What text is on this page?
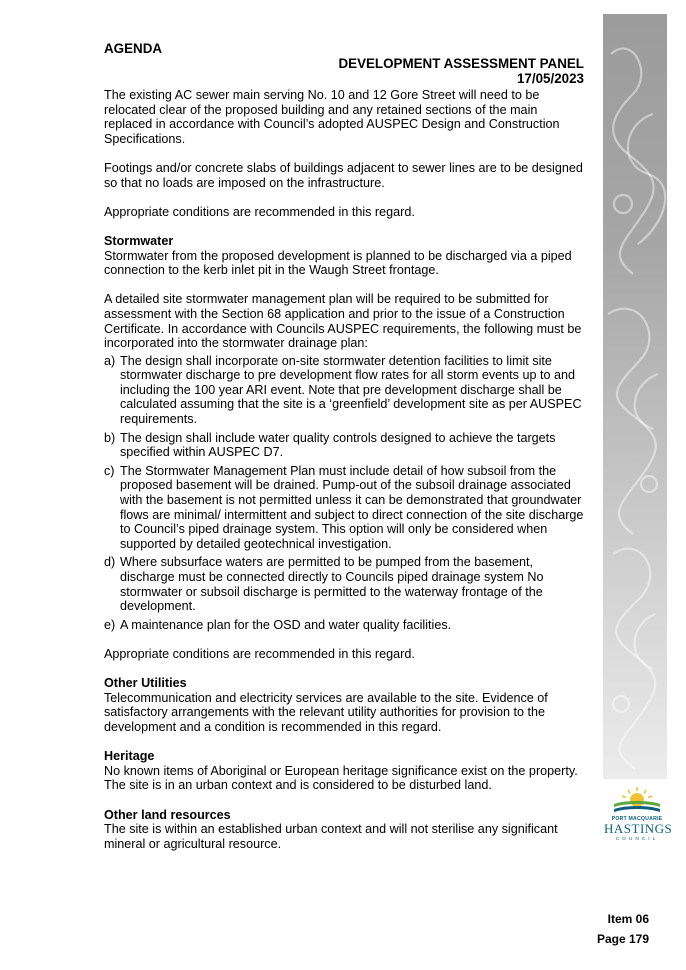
PORT MACQUARIE
HASTINGS
COUNCIL
AGENDA
DEVELOPMENT ASSESSMENT PANEL
17/05/2023

The existing AC sewer main serving No. 10 and 12 Gore Street will need to be relocated clear of the proposed building and any retained sections of the main replaced in accordance with Council’s adopted AUSPEC Design and Construction Specifications.

Footings and/or concrete slabs of buildings adjacent to sewer lines are to be designed so that no loads are imposed on the infrastructure.

Appropriate conditions are recommended in this regard.

Stormwater

Stormwater from the proposed development is planned to be discharged via a piped connection to the kerb inlet pit in the Waugh Street frontage.

A detailed site stormwater management plan will be required to be submitted for assessment with the Section 68 application and prior to the issue of a Construction Certificate. In accordance with Councils AUSPEC requirements, the following must be incorporated into the stormwater drainage plan:

a) The design shall incorporate on-site stormwater detention facilities to limit site stormwater discharge to pre development flow rates for all storm events up to and including the 100 year ARI event. Note that pre development discharge shall be calculated assuming that the site is a ‘greenfield’ development site as per AUSPEC requirements.
b) The design shall include water quality controls designed to achieve the targets specified within AUSPEC D7.
c) The Stormwater Management Plan must include detail of how subsoil from the proposed basement will be drained. Pump-out of the subsoil drainage associated with the basement is not permitted unless it can be demonstrated that groundwater flows are minimal/ intermittent and subject to direct connection of the site discharge to Council’s piped drainage system. This option will only be considered when supported by detailed geotechnical investigation.
d) Where subsurface waters are permitted to be pumped from the basement, discharge must be connected directly to Councils piped drainage system No stormwater or subsoil discharge is permitted to the waterway frontage of the development.
e) A maintenance plan for the OSD and water quality facilities.

Appropriate conditions are recommended in this regard.

Other Utilities

Telecommunication and electricity services are available to the site. Evidence of satisfactory arrangements with the relevant utility authorities for provision to the development and a condition is recommended in this regard.

Heritage

No known items of Aboriginal or European heritage significance exist on the property. The site is in an urban context and is considered to be disturbed land.

Other land resources

The site is within an established urban context and will not sterilise any significant mineral or agricultural resource.

Item 06
Page 179
